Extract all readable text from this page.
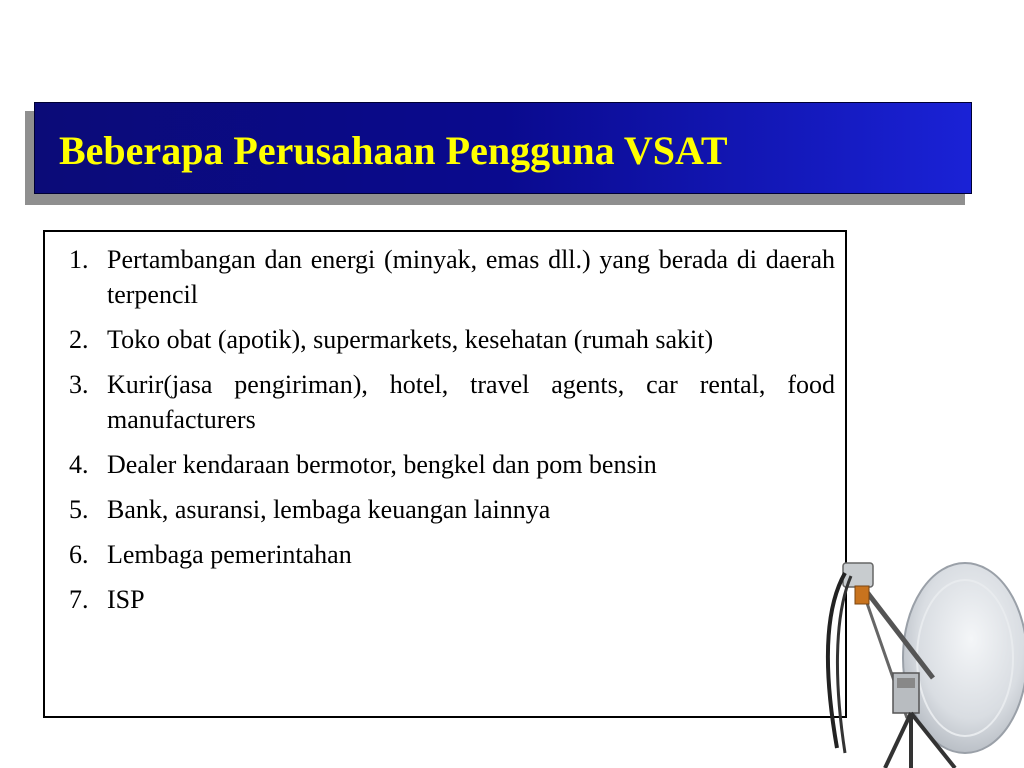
Beberapa Perusahaan Pengguna VSAT
1. Pertambangan dan energi (minyak, emas dll.) yang berada di daerah terpencil
2. Toko obat (apotik), supermarkets, kesehatan (rumah sakit)
3. Kurir(jasa pengiriman), hotel, travel agents, car rental, food manufacturers
4. Dealer kendaraan bermotor, bengkel dan pom bensin
5. Bank, asuransi, lembaga keuangan lainnya
6. Lembaga pemerintahan
7. ISP
